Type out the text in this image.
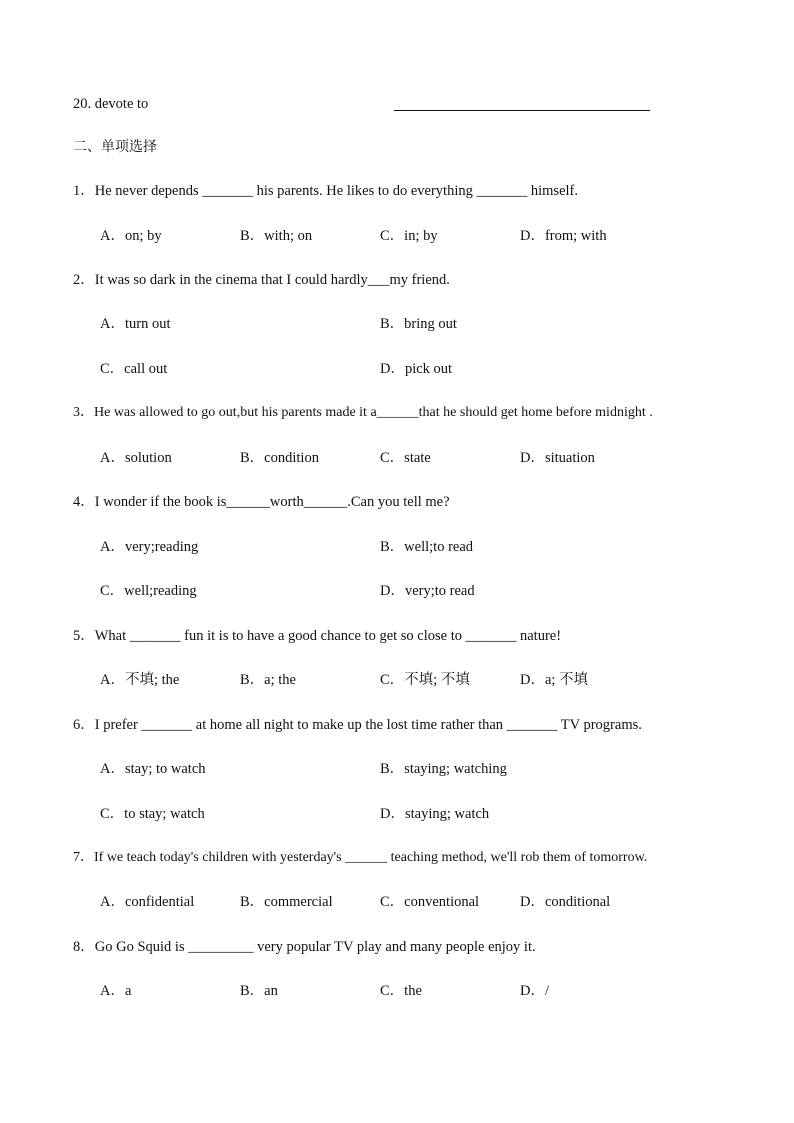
20. devote to
二、单项选择
1．He never depends _______ his parents. He likes to do everything _______ himself.
A．on; by	B．with; on	C．in; by	D．from; with
2．It was so dark in the cinema that I could hardly___my friend.
A．turn out	B．bring out
C．call out	D．pick out
3．He was allowed to go out,but his parents made it a______that he should get home before midnight .
A．solution	B．condition	C．state	D．situation
4．I wonder if the book is______worth______.Can you tell me?
A．very;reading	B．well;to read
C．well;reading	D．very;to read
5．What _______ fun it is to have a good chance to get so close to _______ nature!
A．不填; the	B．a; the	C．不填; 不填	D．a; 不填
6．I prefer _______ at home all night to make up the lost time rather than _______ TV programs.
A．stay; to watch	B．staying; watching
C．to stay; watch	D．staying; watch
7．If we teach today's children with yesterday's ______ teaching method, we'll rob them of tomorrow.
A．confidential	B．commercial	C．conventional	D．conditional
8．Go Go Squid is _________ very popular TV play and many people enjoy it.
A．a	B．an	C．the	D．/
